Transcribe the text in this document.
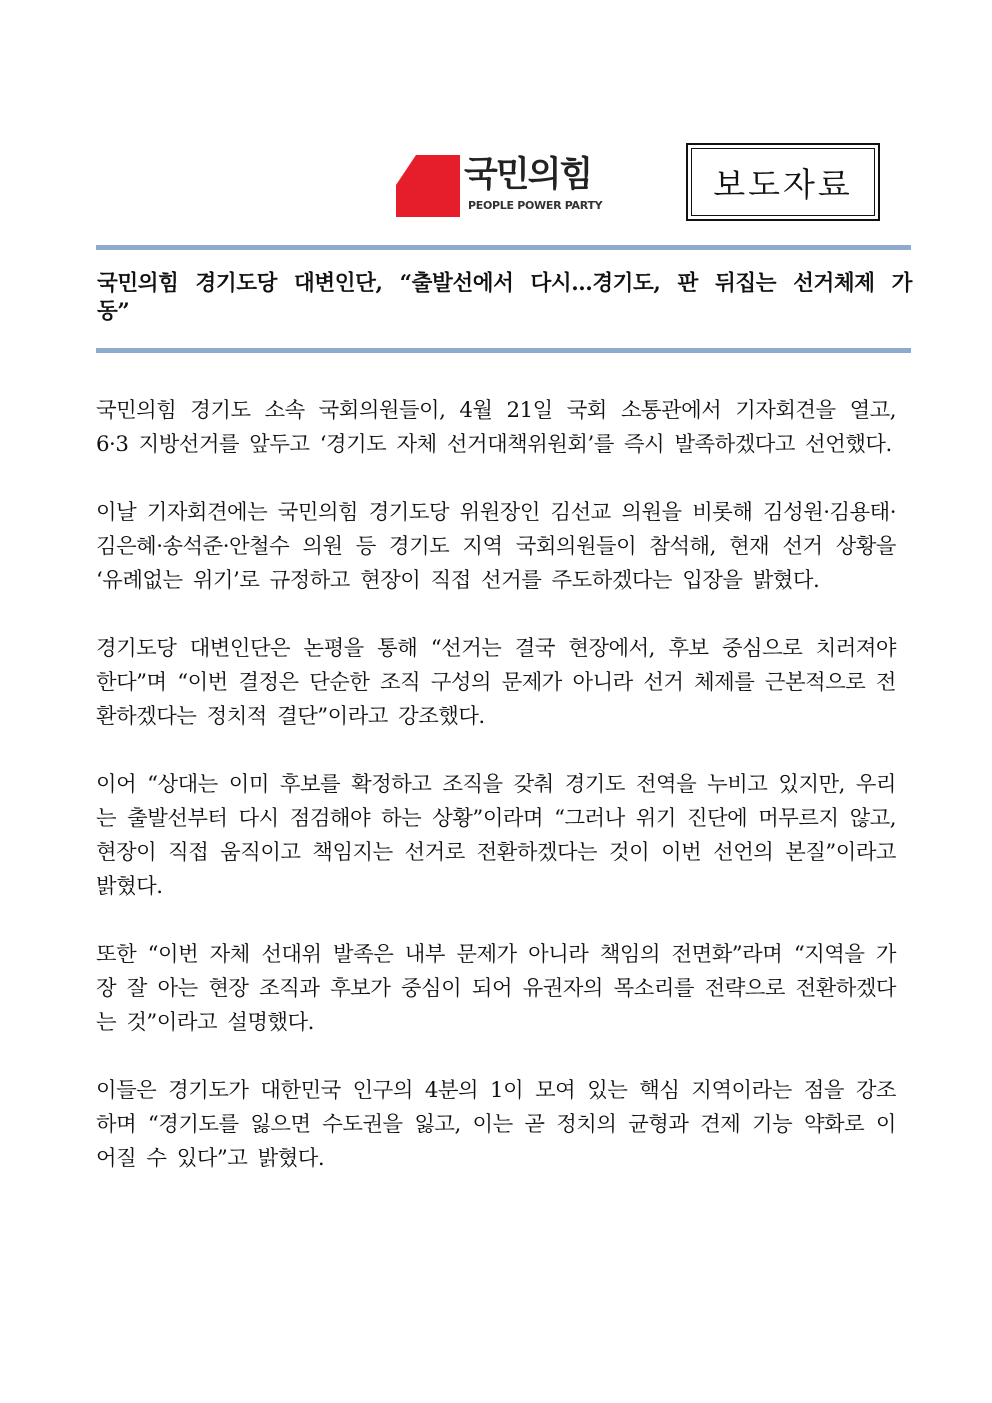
국민의힘
PEOPLE POWER PARTY
보도자료
국민의힘 경기도당 대변인단, “출발선에서 다시…경기도, 판 뒤집는 선거체제 가동”

국민의힘 경기도 소속 국회의원들이, 4월 21일 국회 소통관에서 기자회견을 열고, 6·3 지방선거를 앞두고 ‘경기도 자체 선거대책위원회’를 즉시 발족하겠다고 선언했다.

이날 기자회견에는 국민의힘 경기도당 위원장인 김선교 의원을 비롯해 김성원·김용태·김은혜·송석준·안철수 의원 등 경기도 지역 국회의원들이 참석해, 현재 선거 상황을 ‘유례없는 위기’로 규정하고 현장이 직접 선거를 주도하겠다는 입장을 밝혔다.

경기도당 대변인단은 논평을 통해 “선거는 결국 현장에서, 후보 중심으로 치러져야 한다”며 “이번 결정은 단순한 조직 구성의 문제가 아니라 선거 체제를 근본적으로 전환하겠다는 정치적 결단”이라고 강조했다.

이어 “상대는 이미 후보를 확정하고 조직을 갖춰 경기도 전역을 누비고 있지만, 우리는 출발선부터 다시 점검해야 하는 상황”이라며 “그러나 위기 진단에 머무르지 않고, 현장이 직접 움직이고 책임지는 선거로 전환하겠다는 것이 이번 선언의 본질”이라고 밝혔다.

또한 “이번 자체 선대위 발족은 내부 문제가 아니라 책임의 전면화”라며 “지역을 가장 잘 아는 현장 조직과 후보가 중심이 되어 유권자의 목소리를 전략으로 전환하겠다는 것”이라고 설명했다.

이들은 경기도가 대한민국 인구의 4분의 1이 모여 있는 핵심 지역이라는 점을 강조하며 “경기도를 잃으면 수도권을 잃고, 이는 곧 정치의 균형과 견제 기능 약화로 이어질 수 있다”고 밝혔다.
